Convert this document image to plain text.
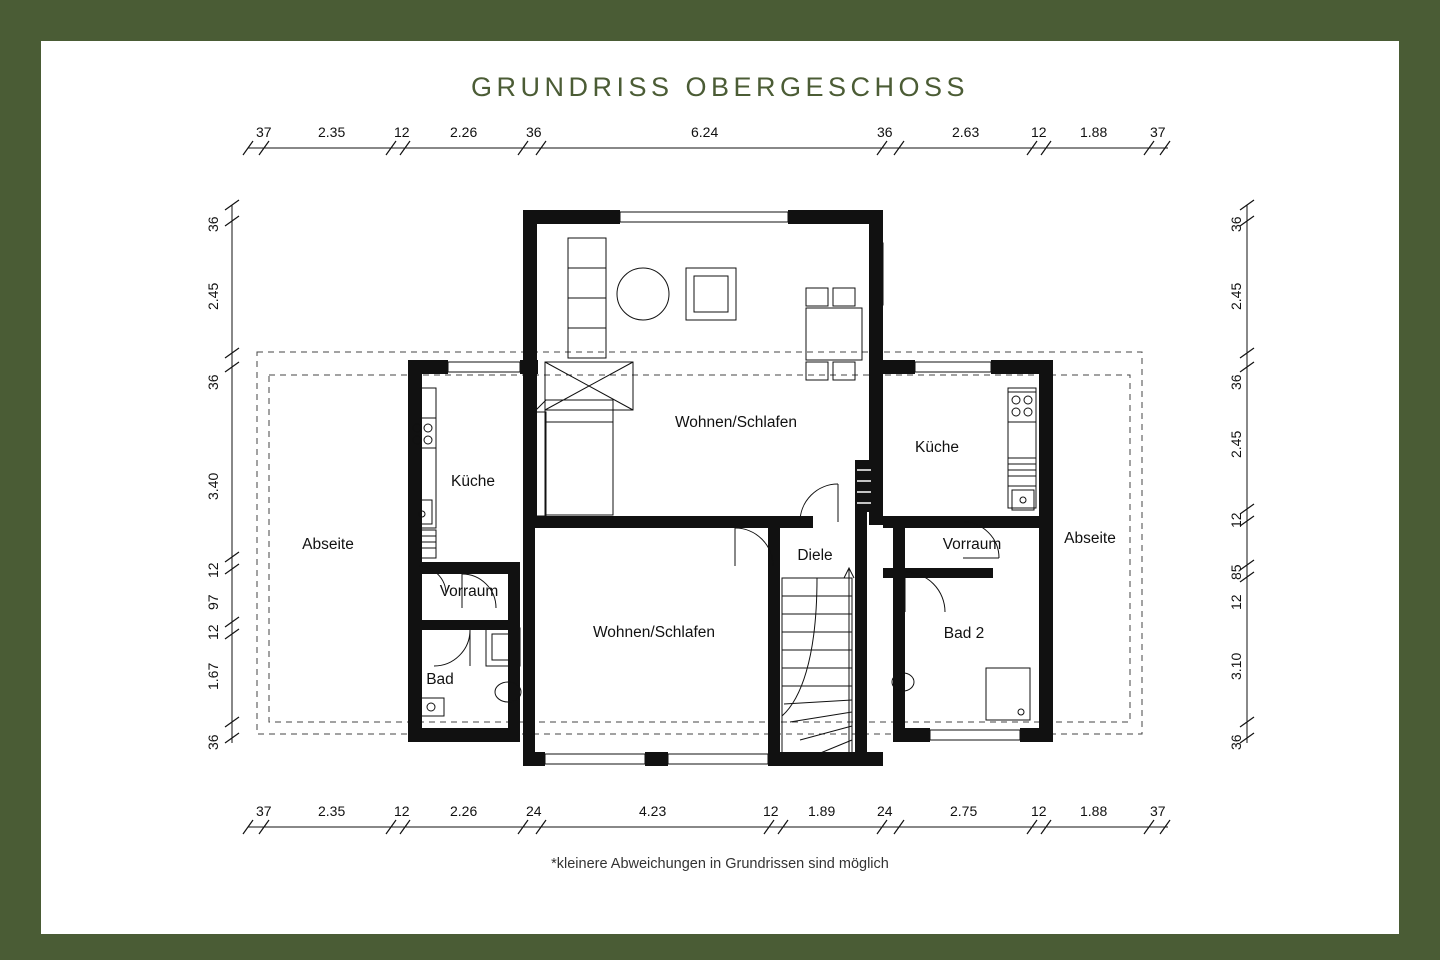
GRUNDRISS OBERGESCHOSS
*kleinere Abweichungen in Grundrissen sind möglich
37	2.35	12	2.26	36	6.24	36	2.63	12 1.88	37
37	2.35	12	2.26	24	4.23	12 1.89	24	2.75	12 1.88	37
36
2.45
36
3.40
12
97
12
1.67
36
36
2.45
36
2.45
12
85
12
3.10
36
Abseite
Küche
Vorraum
Bad
Wohnen/Schlafen
Wohnen/Schlafen
Diele
Küche
Vorraum
Bad 2
Abseite
